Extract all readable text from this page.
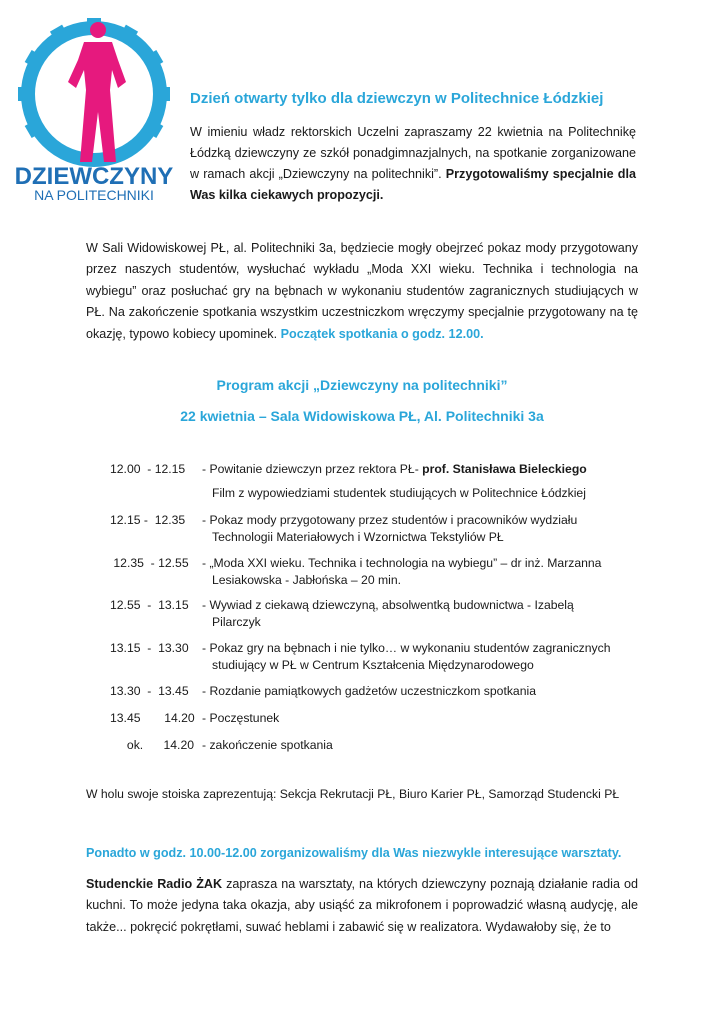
DZIEWCZYNY
NA POLITECHNIKI
Dzień otwarty tylko dla dziewczyn w Politechnice Łódzkiej
W imieniu władz rektorskich Uczelni zapraszamy 22 kwietnia na Politechnikę Łódzką dziewczyny ze szkół ponadgimnazjalnych, na spotkanie zorganizowane w ramach akcji „Dziewczyny na politechniki”. Przygotowaliśmy specjalnie dla Was kilka ciekawych propozycji.
W Sali Widowiskowej PŁ, al. Politechniki 3a, będziecie mogły obejrzeć pokaz mody przygotowany przez naszych studentów, wysłuchać wykładu „Moda XXI wieku. Technika i technologia na wybiegu” oraz posłuchać gry na bębnach w wykonaniu studentów zagranicznych studiujących w PŁ. Na zakończenie spotkania wszystkim uczestniczkom wręczymy specjalnie przygotowany na tę okazję, typowo kobiecy upominek. Początek spotkania o godz. 12.00.
Program akcji „Dziewczyny na politechniki”
22 kwietnia – Sala Widowiskowa PŁ, Al. Politechniki 3a
12.00  - 12.15 - Powitanie dziewczyn przez rektora PŁ- prof. Stanisława Bieleckiego
Film z wypowiedziami studentek studiujących w Politechnice Łódzkiej
12.15 -  12.35 - Pokaz mody przygotowany przez studentów i pracowników wydziału
Technologii Materiałowych i Wzornictwa Tekstyliów PŁ
12.35  - 12.55 - „Moda XXI wieku. Technika i technologia na wybiegu” – dr inż. Marzanna
Lesiakowska - Jabłońska – 20 min.
12.55  -  13.15 - Wywiad z ciekawą dziewczyną, absolwentką budownictwa - Izabelą
Pilarczyk
13.15  -  13.30 - Pokaz gry na bębnach i nie tylko… w wykonaniu studentów zagranicznych
studiujący w PŁ w Centrum Kształcenia Międzynarodowego
13.30  -  13.45 - Rozdanie pamiątkowych gadżetów uczestniczkom spotkania
13.45       14.20 - Poczęstunek
ok.      14.20 - zakończenie spotkania
W holu swoje stoiska zaprezentują: Sekcja Rekrutacji PŁ, Biuro Karier PŁ, Samorząd Studencki PŁ
Ponadto w godz. 10.00-12.00 zorganizowaliśmy dla Was niezwykle interesujące warsztaty.
Studenckie Radio ŻAK zaprasza na warsztaty, na których dziewczyny poznają działanie radia od kuchni. To może jedyna taka okazja, aby usiąść za mikrofonem i poprowadzić własną audycję, ale także... pokręcić pokrętłami, suwać heblami i zabawić się w realizatora. Wydawałoby się, że to
